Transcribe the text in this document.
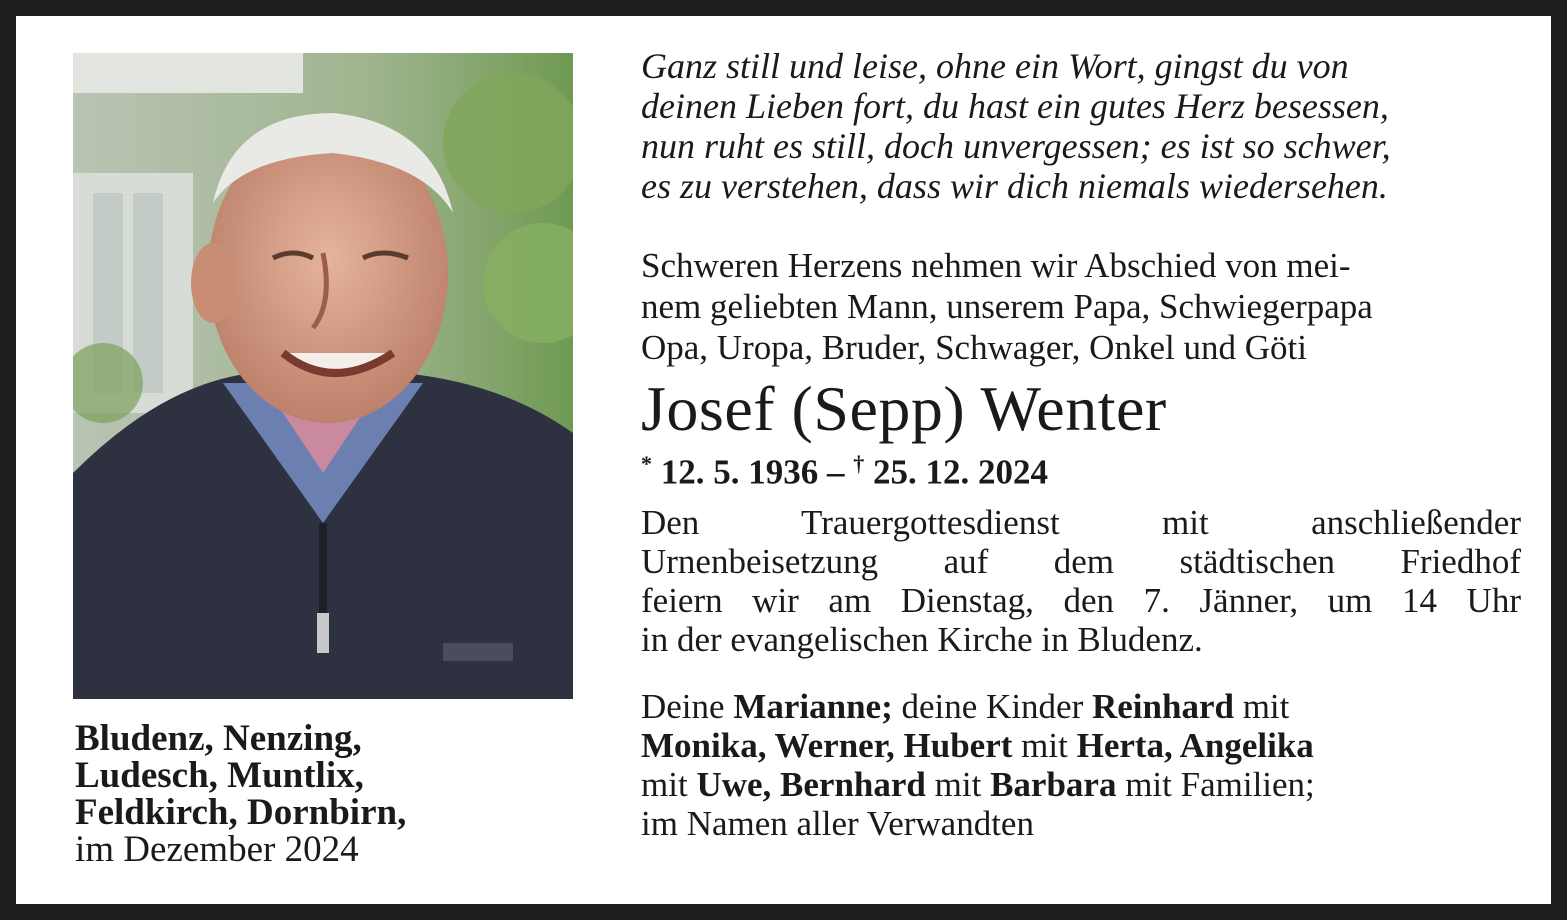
Bludenz, Nenzing,
Ludesch, Muntlix,
Feldkirch, Dornbirn,
im Dezember 2024

Ganz still und leise, ohne ein Wort, gingst du von
deinen Lieben fort, du hast ein gutes Herz besessen,
nun ruht es still, doch unvergessen; es ist so schwer,
es zu verstehen, dass wir dich niemals wiedersehen.

Schweren Herzens nehmen wir Abschied von mei-
nem geliebten Mann, unserem Papa, Schwiegerpapa
Opa, Uropa, Bruder, Schwager, Onkel und Göti
Josef (Sepp) Wenter
* 12. 5. 1936 – † 25. 12. 2024
Den Trauergottesdienst mit anschließender
Urnenbeisetzung auf dem städtischen Friedhof
feiern wir am Dienstag, den 7. Jänner, um 14 Uhr
in der evangelischen Kirche in Bludenz.
Deine Marianne; deine Kinder Reinhard mit
Monika, Werner, Hubert mit Herta, Angelika
mit Uwe, Bernhard mit Barbara mit Familien;
im Namen aller Verwandten
